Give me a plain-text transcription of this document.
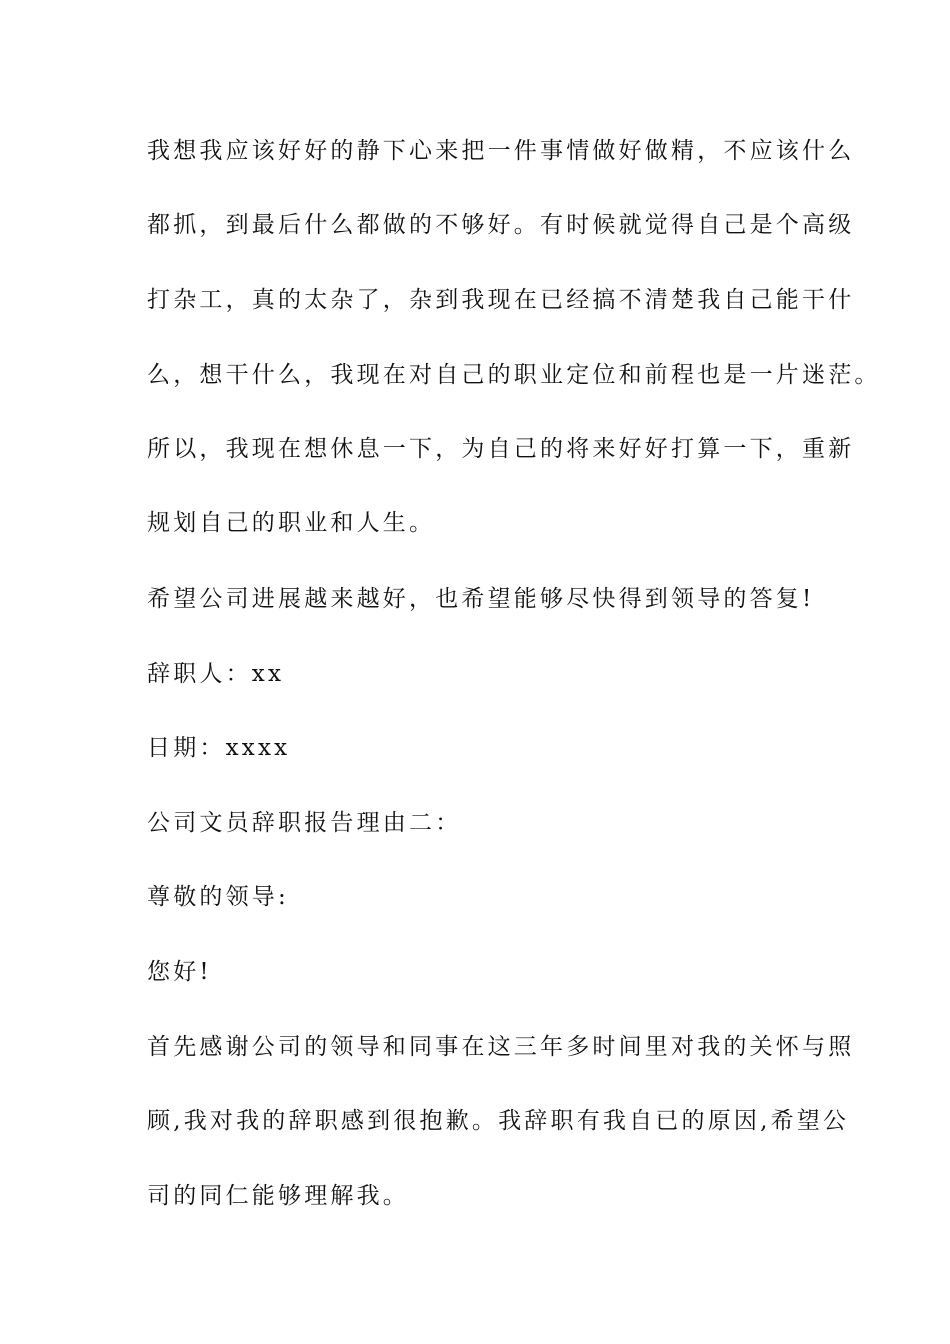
我想我应该好好的静下心来把一件事情做好做精，不应该什么
都抓，到最后什么都做的不够好。有时候就觉得自己是个高级
打杂工，真的太杂了，杂到我现在已经搞不清楚我自己能干什
么，想干什么，我现在对自己的职业定位和前程也是一片迷茫。
所以，我现在想休息一下，为自己的将来好好打算一下，重新
规划自己的职业和人生。
希望公司进展越来越好，也希望能够尽快得到领导的答复!
辞职人：xx
日期：xxxx
公司文员辞职报告理由二：
尊敬的领导:
您好!
首先感谢公司的领导和同事在这三年多时间里对我的关怀与照
顾,我对我的辞职感到很抱歉。我辞职有我自已的原因,希望公
司的同仁能够理解我。
